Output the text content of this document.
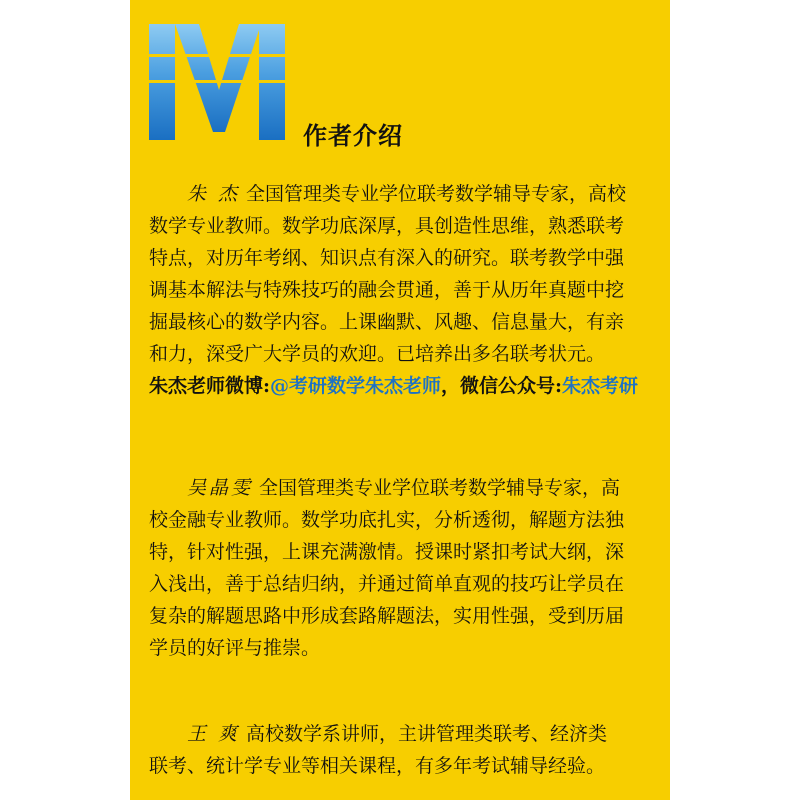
作者介绍
朱 杰 全国管理类专业学位联考数学辅导专家，高校
数学专业教师。数学功底深厚，具创造性思维，熟悉联考
特点，对历年考纲、知识点有深入的研究。联考教学中强
调基本解法与特殊技巧的融会贯通，善于从历年真题中挖
掘最核心的数学内容。上课幽默、风趣、信息量大，有亲
和力，深受广大学员的欢迎。已培养出多名联考状元。
朱杰老师微博:@考研数学朱杰老师，微信公众号:朱杰考研
吴晶雯 全国管理类专业学位联考数学辅导专家，高
校金融专业教师。数学功底扎实，分析透彻，解题方法独
特，针对性强，上课充满激情。授课时紧扣考试大纲，深
入浅出，善于总结归纳，并通过简单直观的技巧让学员在
复杂的解题思路中形成套路解题法，实用性强，受到历届
学员的好评与推崇。
王 爽 高校数学系讲师，主讲管理类联考、经济类
联考、统计学专业等相关课程，有多年考试辅导经验。
